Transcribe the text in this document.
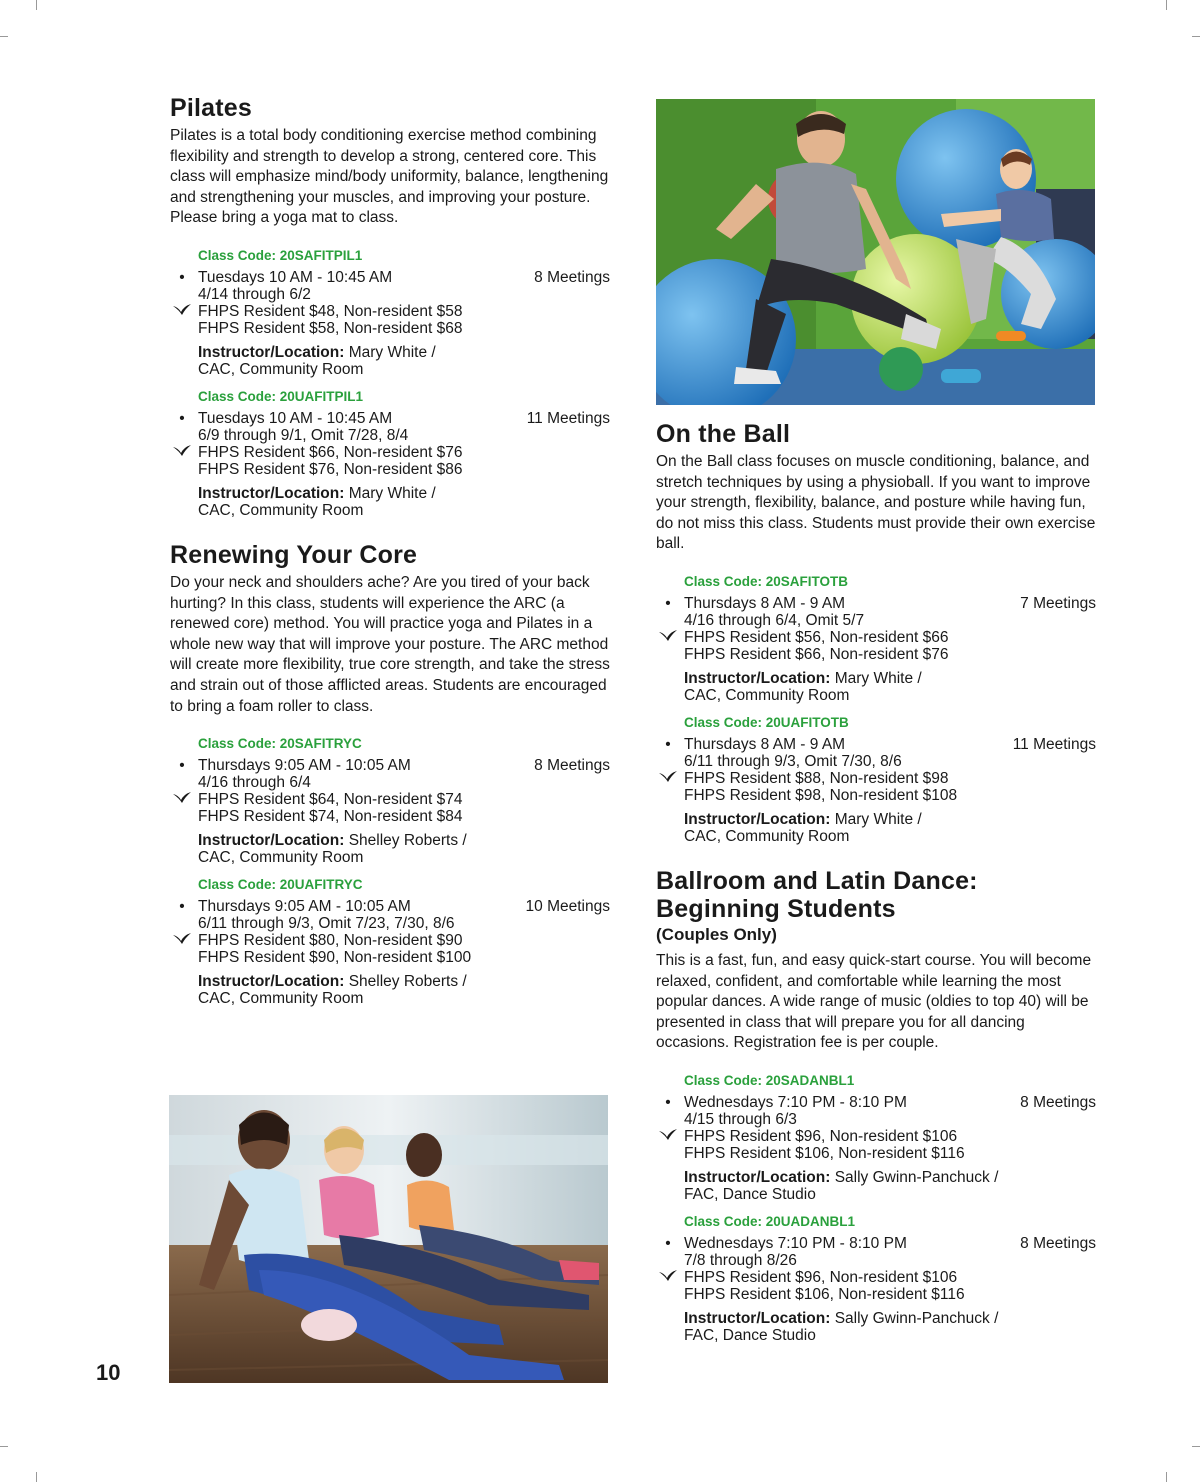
Pilates

Pilates is a total body conditioning exercise method combining flexibility and strength to develop a strong, centered core. This class will emphasize mind/body uniformity, balance, lengthening and strengthening your muscles, and improving your posture. Please bring a yoga mat to class.

Class Code: 20SAFITPIL1
• Tuesdays 10 AM - 10:45 AM	8 Meetings
4/14 through 6/2
FHPS Resident $48, Non-resident $58
FHPS Resident $58, Non-resident $68
Instructor/Location: Mary White /
CAC, Community Room
Class Code: 20UAFITPIL1
• Tuesdays 10 AM - 10:45 AM	11 Meetings
6/9 through 9/1, Omit 7/28, 8/4
FHPS Resident $66, Non-resident $76
FHPS Resident $76, Non-resident $86
Instructor/Location: Mary White /
CAC, Community Room
Renewing Your Core

Do your neck and shoulders ache? Are you tired of your back hurting? In this class, students will experience the ARC (a renewed core) method. You will practice yoga and Pilates in a whole new way that will improve your posture. The ARC method will create more flexibility, true core strength, and take the stress and strain out of those afflicted areas. Students are encouraged to bring a foam roller to class.

Class Code: 20SAFITRYC
• Thursdays 9:05 AM - 10:05 AM	8 Meetings
4/16 through 6/4
FHPS Resident $64, Non-resident $74
FHPS Resident $74, Non-resident $84
Instructor/Location: Shelley Roberts /
CAC, Community Room
Class Code: 20UAFITRYC
• Thursdays 9:05 AM - 10:05 AM	10 Meetings
6/11 through 9/3, Omit 7/23, 7/30, 8/6
FHPS Resident $80, Non-resident $90
FHPS Resident $90, Non-resident $100
Instructor/Location: Shelley Roberts /
CAC, Community Room
On the Ball

On the Ball class focuses on muscle conditioning, balance, and stretch techniques by using a physioball. If you want to improve your strength, flexibility, balance, and posture while having fun, do not miss this class. Students must provide their own exercise ball.

Class Code: 20SAFITOTB
• Thursdays 8 AM - 9 AM	7 Meetings
4/16 through 6/4, Omit 5/7
FHPS Resident $56, Non-resident $66
FHPS Resident $66, Non-resident $76
Instructor/Location: Mary White /
CAC, Community Room
Class Code: 20UAFITOTB
• Thursdays 8 AM - 9 AM	11 Meetings
6/11 through 9/3, Omit 7/30, 8/6
FHPS Resident $88, Non-resident $98
FHPS Resident $98, Non-resident $108
Instructor/Location: Mary White /
CAC, Community Room
Ballroom and Latin Dance:
Beginning Students
(Couples Only)

This is a fast, fun, and easy quick-start course. You will become relaxed, confident, and comfortable while learning the most popular dances. A wide range of music (oldies to top 40) will be presented in class that will prepare you for all dancing occasions. Registration fee is per couple.

Class Code: 20SADANBL1
• Wednesdays 7:10 PM - 8:10 PM	8 Meetings
4/15 through 6/3
FHPS Resident $96, Non-resident $106
FHPS Resident $106, Non-resident $116
Instructor/Location: Sally Gwinn-Panchuck /
FAC, Dance Studio
Class Code: 20UADANBL1
• Wednesdays 7:10 PM - 8:10 PM	8 Meetings
7/8 through 8/26
FHPS Resident $96, Non-resident $106
FHPS Resident $106, Non-resident $116
Instructor/Location: Sally Gwinn-Panchuck /
FAC, Dance Studio
10
